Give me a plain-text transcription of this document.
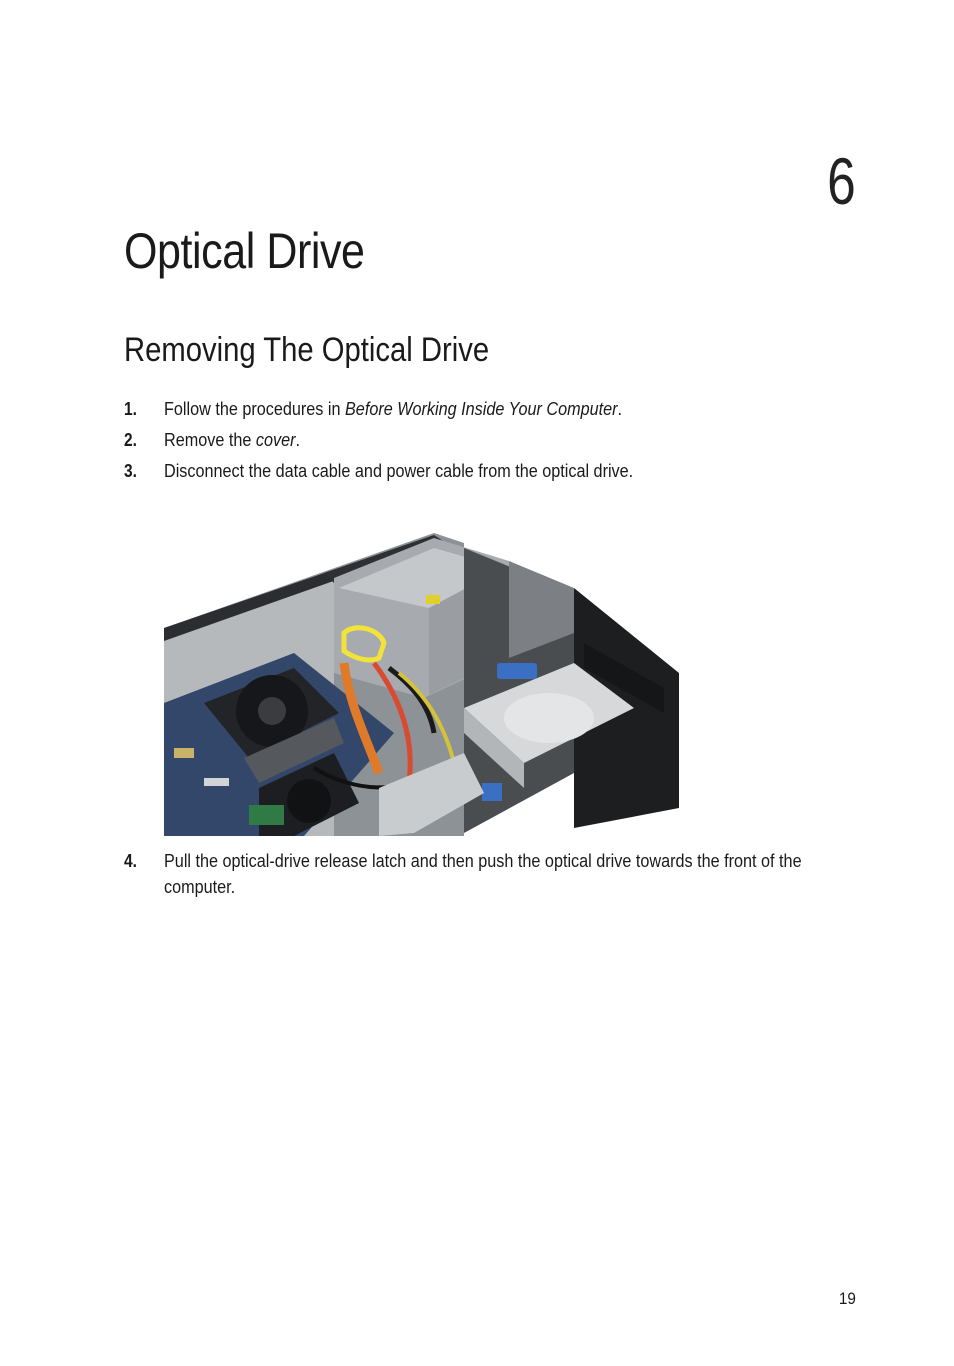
6
Optical Drive
Removing The Optical Drive
1. Follow the procedures in Before Working Inside Your Computer.
2. Remove the cover.
3. Disconnect the data cable and power cable from the optical drive.
4. Pull the optical-drive release latch and then push the optical drive towards the front of the computer.
19
